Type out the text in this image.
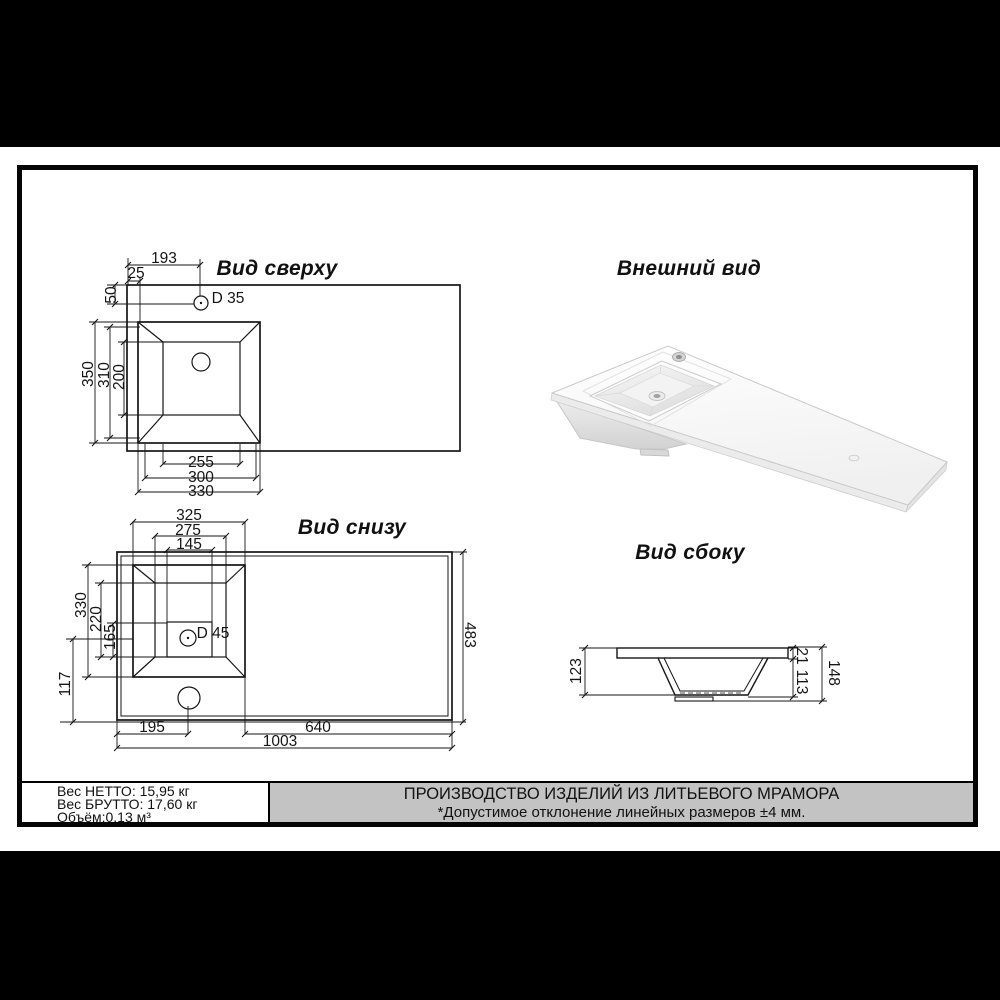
Вид сверху	Внешний вид
Вид снизу
Вид сбоку
193
25
50	D 35
350 310
200
255
300
330
325
275
145
330
220
165
117
D 45	483
195	640
1003
123
21
113 148
Вес НЕТТО: 15,95 кг
Вес БРУТТО: 17,60 кг
Объём:0.13 м³
ПРОИЗВОДСТВО ИЗДЕЛИЙ ИЗ ЛИТЬЕВОГО МРАМОРА
*Допустимое отклонение линейных размеров ±4 мм.
